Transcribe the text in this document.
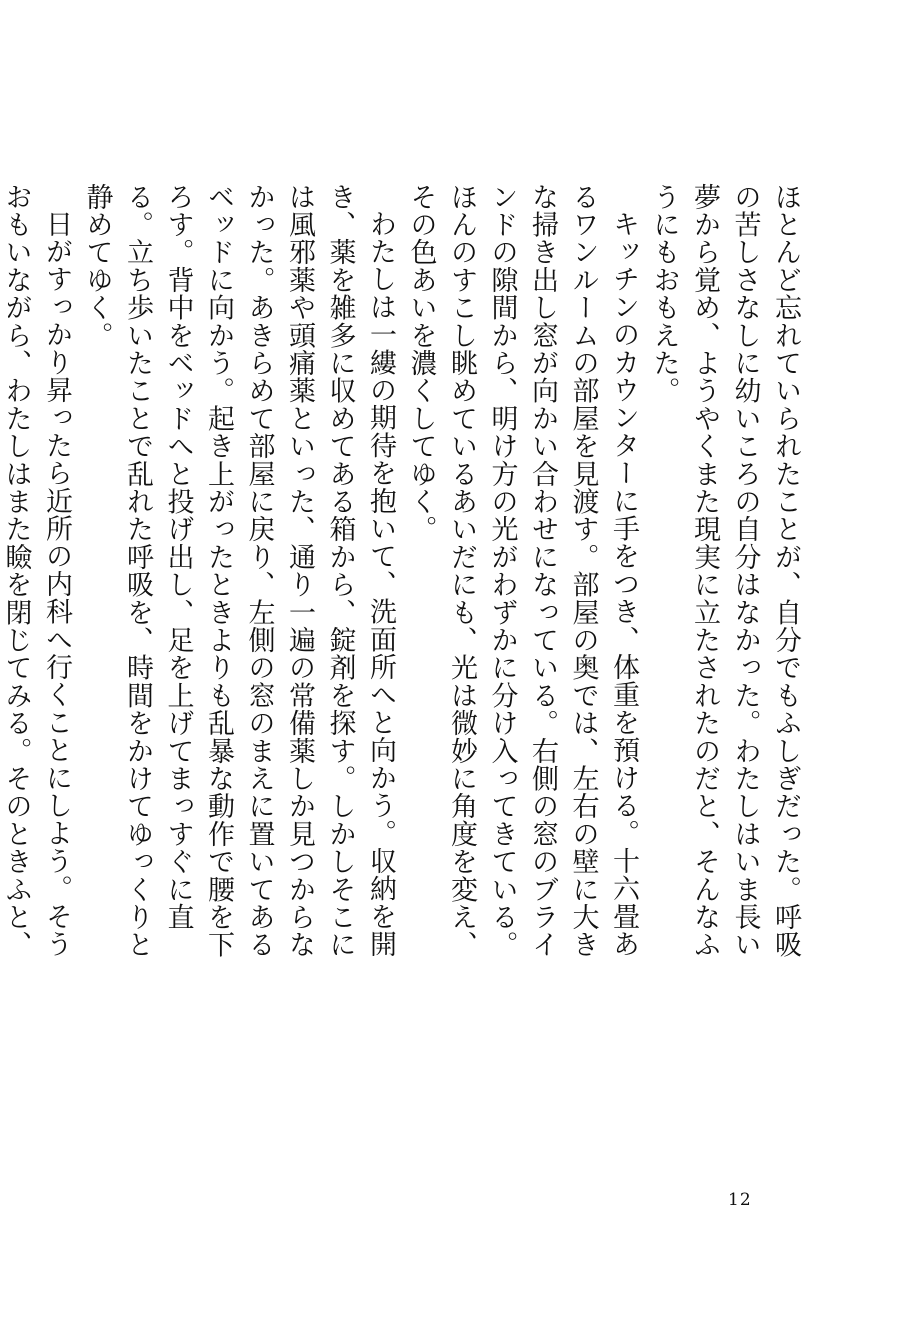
ほとんど忘れていられたことが、自分でもふしぎだった。呼吸の苦しさなしに幼いころの自分はなかった。わたしはいま長い夢から覚め、ようやくまた現実に立たされたのだと、そんなふうにもおもえた。

キッチンのカウンターに手をつき、体重を預ける。十六畳あるワンルームの部屋を見渡す。部屋の奥では、左右の壁に大きな掃き出し窓が向かい合わせになっている。右側の窓のブラインドの隙間から、明け方の光がわずかに分け入ってきている。ほんのすこし眺めているあいだにも、光は微妙に角度を変え、その色あいを濃くしてゆく。

わたしは一縷の期待を抱いて、洗面所へと向かう。収納を開き、薬を雑多に収めてある箱から、錠剤を探す。しかしそこには風邪薬や頭痛薬といった、通り一遍の常備薬しか見つからなかった。あきらめて部屋に戻り、左側の窓のまえに置いてあるベッドに向かう。起き上がったときよりも乱暴な動作で腰を下ろす。背中をベッドへと投げ出し、足を上げてまっすぐに直る。立ち歩いたことで乱れた呼吸を、時間をかけてゆっくりと静めてゆく。

日がすっかり昇ったら近所の内科へ行くことにしよう。そうおもいながら、わたしはまた瞼を閉じてみる。そのときふと、

12
